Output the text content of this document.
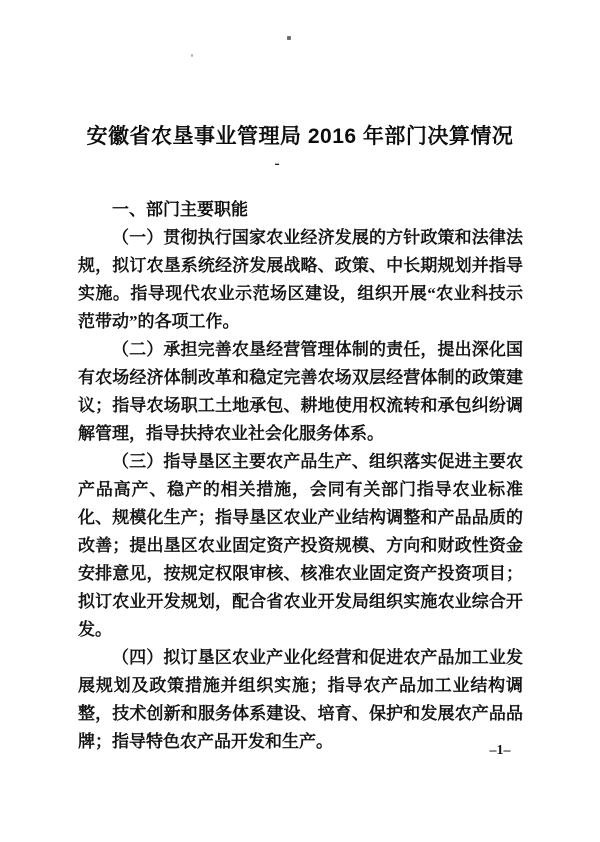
安徽省农垦事业管理局 2016 年部门决算情况
-

一、部门主要职能

（一）贯彻执行国家农业经济发展的方针政策和法律法规，拟订农垦系统经济发展战略、政策、中长期规划并指导实施。指导现代农业示范场区建设，组织开展“农业科技示范带动”的各项工作。

（二）承担完善农垦经营管理体制的责任，提出深化国有农场经济体制改革和稳定完善农场双层经营体制的政策建议；指导农场职工土地承包、耕地使用权流转和承包纠纷调解管理，指导扶持农业社会化服务体系。

（三）指导垦区主要农产品生产、组织落实促进主要农产品高产、稳产的相关措施，会同有关部门指导农业标准化、规模化生产；指导垦区农业产业结构调整和产品品质的改善；提出垦区农业固定资产投资规模、方向和财政性资金安排意见，按规定权限审核、核准农业固定资产投资项目；拟订农业开发规划，配合省农业开发局组织实施农业综合开发。

（四）拟订垦区农业产业化经营和促进农产品加工业发展规划及政策措施并组织实施；指导农产品加工业结构调整，技术创新和服务体系建设、培育、保护和发展农产品品牌；指导特色农产品开发和生产。	–1–
